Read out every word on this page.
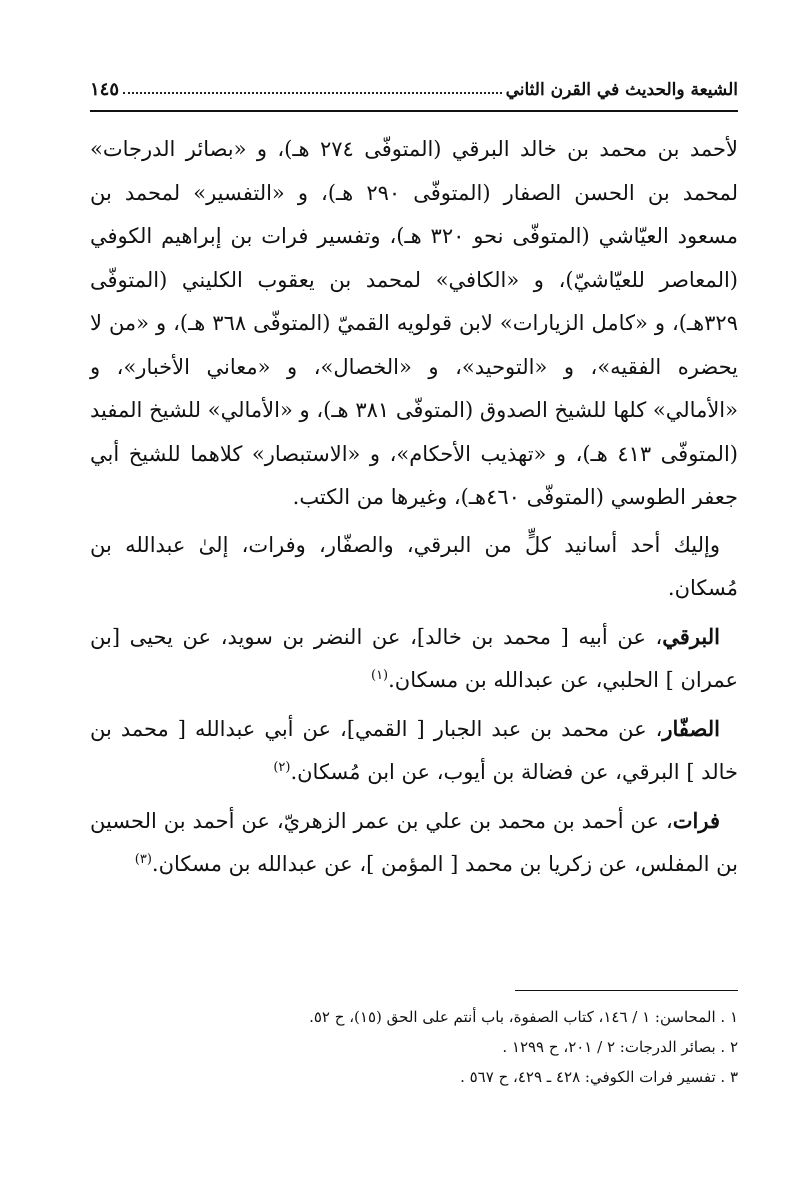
الشيعة والحديث في القرن الثاني
١٤٥

لأحمد بن محمد بن خالد البرقي (المتوفّى ٢٧٤ هـ)، و «بصائر الدرجات» لمحمد بن الحسن الصفار (المتوفّى ٢٩٠ هـ)، و «التفسير» لمحمد بن مسعود العيّاشي (المتوفّى نحو ٣٢٠ هـ)، وتفسير فرات بن إبراهيم الكوفي (المعاصر للعيّاشيّ)، و «الكافي» لمحمد بن يعقوب الكليني (المتوفّى ٣٢٩هـ)، و «كامل الزيارات» لابن قولويه القميّ (المتوفّى ٣٦٨ هـ)، و «من لا يحضره الفقيه»، و «التوحيد»، و «الخصال»، و «معاني الأخبار»، و «الأمالي» كلها للشيخ الصدوق (المتوفّى ٣٨١ هـ)، و «الأمالي» للشيخ المفيد (المتوفّى ٤١٣ هـ)، و «تهذيب الأحكام»، و «الاستبصار» كلاهما للشيخ أبي جعفر الطوسي (المتوفّى ٤٦٠هـ)، وغيرها من الكتب.

وإليك أحد أسانيد كلٍّ من البرقي، والصفّار، وفرات، إلىٰ عبدالله بن مُسكان.

البرقي، عن أبيه [ محمد بن خالد]، عن النضر بن سويد، عن يحيى [بن عمران ] الحلبي، عن عبدالله بن مسكان.$^{(١)}$

الصفّار، عن محمد بن عبد الجبار [ القمي]، عن أبي عبدالله [ محمد بن خالد ] البرقي، عن فضالة بن أيوب، عن ابن مُسكان.$^{(٢)}$

فرات، عن أحمد بن محمد بن علي بن عمر الزهريّ، عن أحمد بن الحسين بن المفلس، عن زكريا بن محمد [ المؤمن ]، عن عبدالله بن مسكان.$^{(٣)}$

١ . المحاسن: ١ / ١٤٦، كتاب الصفوة، باب أنتم على الحق (١٥)، ح ٥٢.
٢ . بصائر الدرجات: ٢ / ٢٠١، ح ١٢٩٩ .
٣ . تفسير فرات الكوفي: ٤٢٨ ـ ٤٢٩، ح ٥٦٧ .
